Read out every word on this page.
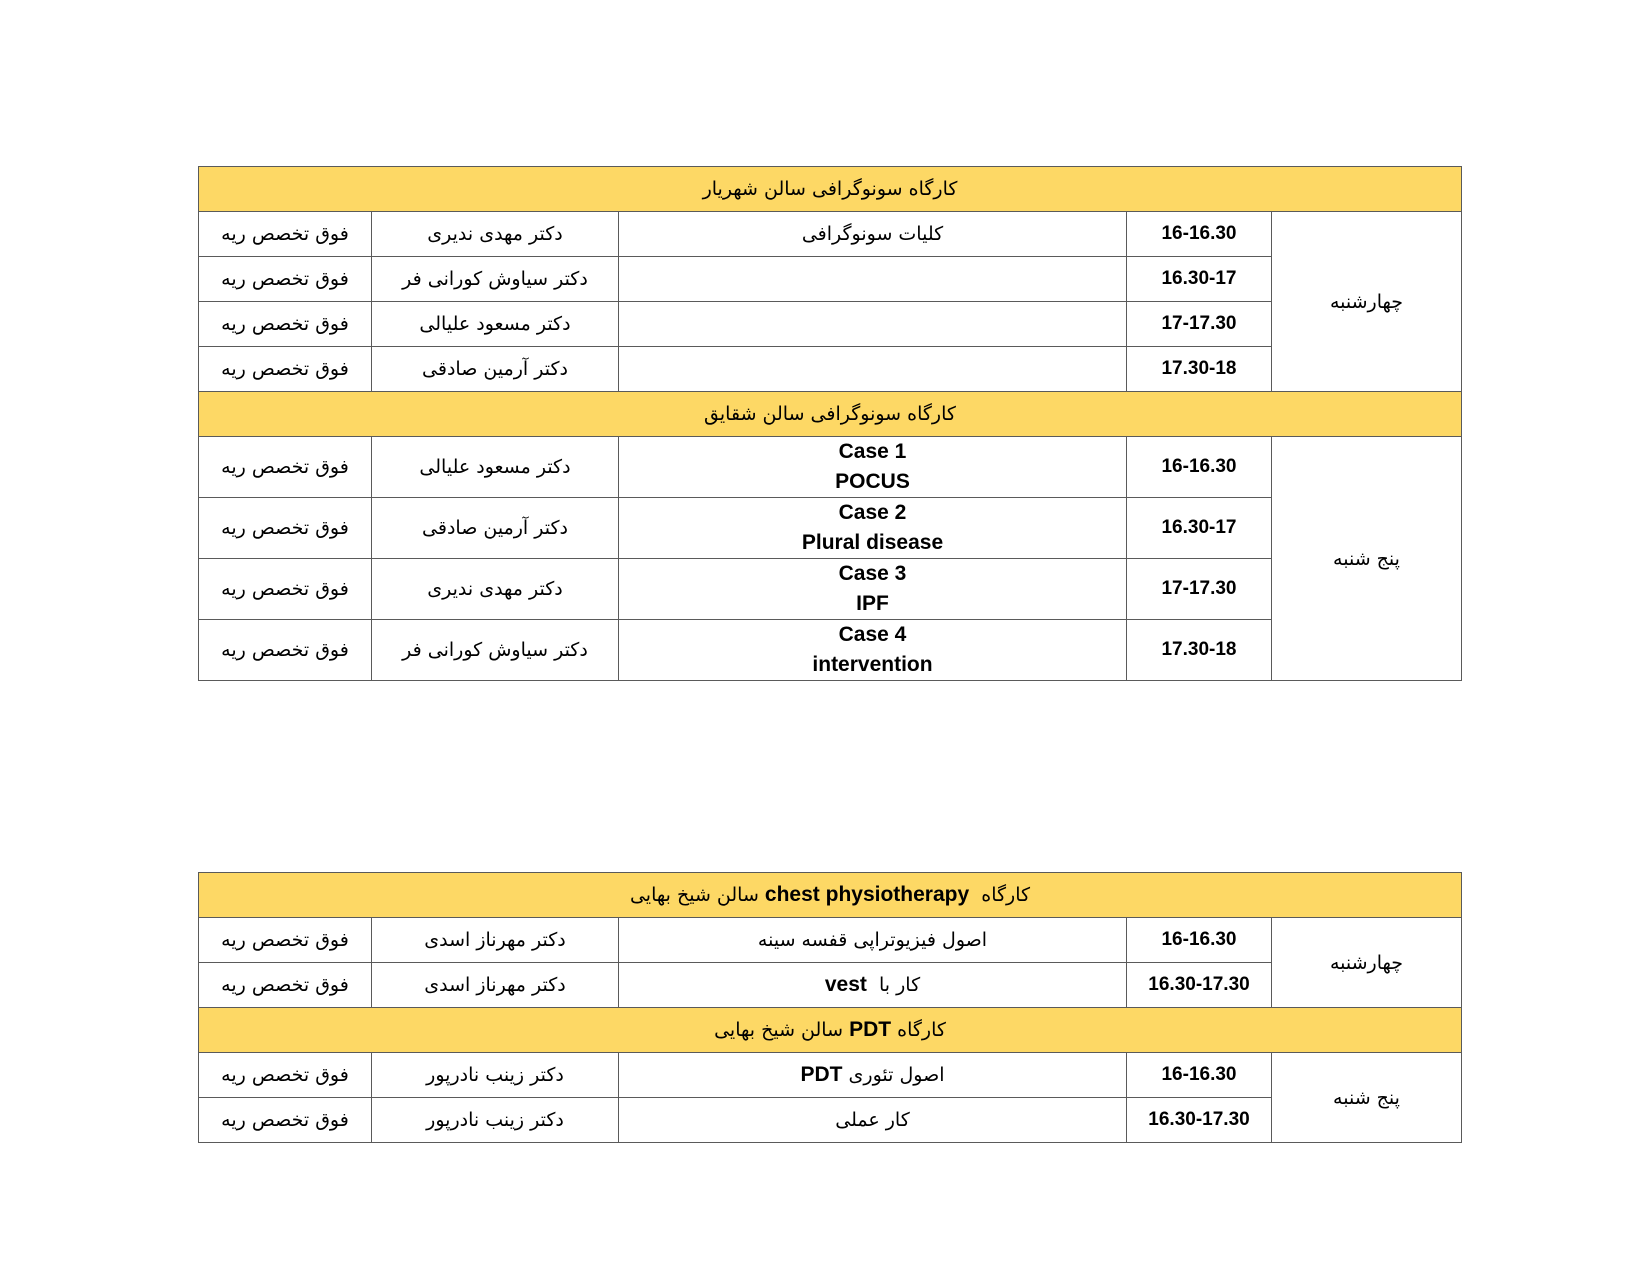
کارگاه سونوگرافی سالن شهریار				
فوق تخصص ریه	دکتر مهدی ندیری	کلیات سونوگرافی	16-16.30	چهارشنبه
فوق تخصص ریه	دکتر سیاوش کورانی فر		16.30-17	
فوق تخصص ریه	دکتر مسعود علیالی		17-17.30	
فوق تخصص ریه	دکتر آرمین صادقی		17.30-18	
کارگاه سونوگرافی سالن شقایق				
فوق تخصص ریه	دکتر مسعود علیالی	Case 1
POCUS	16-16.30	پنج شنبه
فوق تخصص ریه	دکتر آرمین صادقی	Case 2
Plural disease	16.30-17	
فوق تخصص ریه	دکتر مهدی ندیری	Case 3
IPF	17-17.30	
فوق تخصص ریه	دکتر سیاوش کورانی فر	Case 4
intervention	17.30-18	
کارگاه  chest physiotherapy سالن شیخ بهایی				
فوق تخصص ریه	دکتر مهرناز اسدی	اصول فیزیوتراپی قفسه سینه	16-16.30	چهارشنبه
فوق تخصص ریه	دکتر مهرناز اسدی	کار با  vest	16.30-17.30	
کارگاه PDT سالن شیخ بهایی				
فوق تخصص ریه	دکتر زینب نادرپور	اصول تئوری PDT	16-16.30	پنج شنبه
فوق تخصص ریه	دکتر زینب نادرپور	کار عملی	16.30-17.30	
